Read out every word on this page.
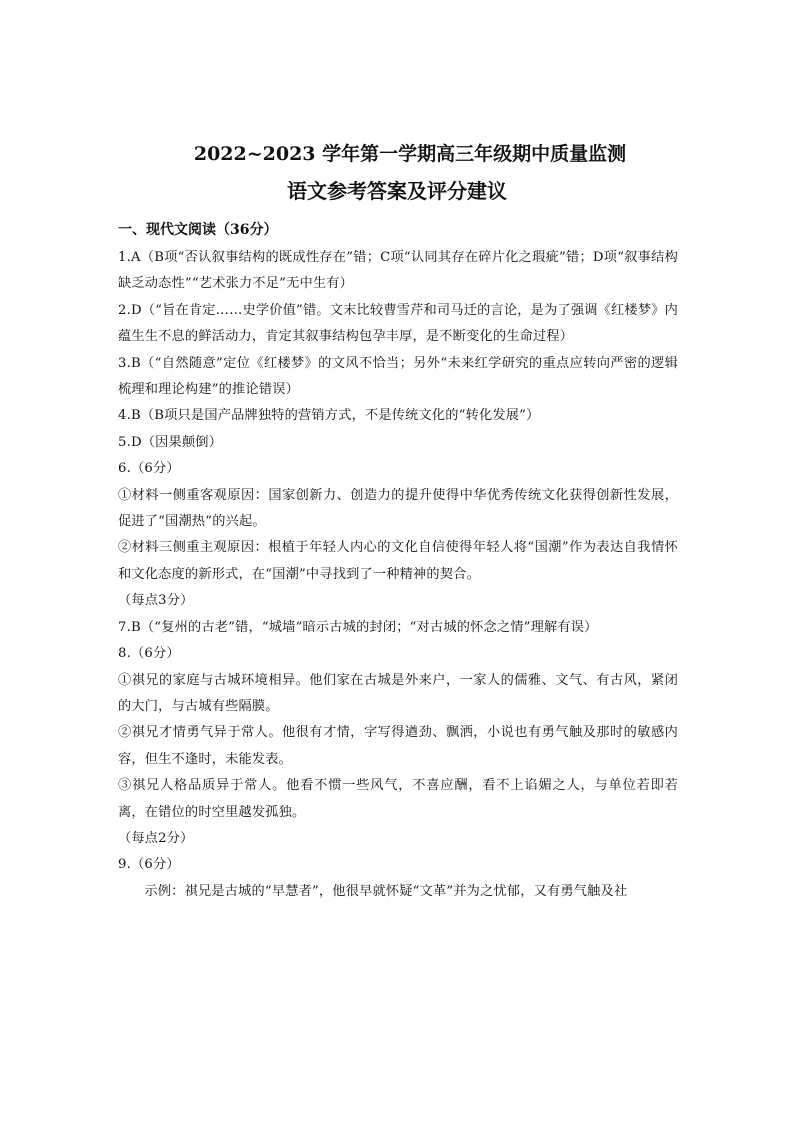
2022~2023 学年第一学期高三年级期中质量监测
语文参考答案及评分建议
一、现代文阅读（36分）

1.A（B项“否认叙事结构的既成性存在”错；C项“认同其存在碎片化之瑕疵”错；D项“叙事结构缺乏动态性”“艺术张力不足”无中生有）

2.D（“旨在肯定……史学价值”错。文末比较曹雪芹和司马迁的言论，是为了强调《红楼梦》内蕴生生不息的鲜活动力，肯定其叙事结构包孕丰厚，是不断变化的生命过程）

3.B（“自然随意”定位《红楼梦》的文风不恰当；另外“未来红学研究的重点应转向严密的逻辑梳理和理论构建”的推论错误）

4.B（B项只是国产品牌独特的营销方式，不是传统文化的“转化发展”）

5.D（因果颠倒）

6.（6分）

①材料一侧重客观原因：国家创新力、创造力的提升使得中华优秀传统文化获得创新性发展，促进了“国潮热”的兴起。

②材料三侧重主观原因：根植于年轻人内心的文化自信使得年轻人将“国潮”作为表达自我情怀和文化态度的新形式，在“国潮”中寻找到了一种精神的契合。

（每点3分）

7.B（“复州的古老”错，“城墙”暗示古城的封闭；“对古城的怀念之情”理解有误）

8.（6分）

①祺兄的家庭与古城环境相异。他们家在古城是外来户，一家人的儒雅、文气、有古风，紧闭的大门，与古城有些隔膜。

②祺兄才情勇气异于常人。他很有才情，字写得遒劲、飘洒，小说也有勇气触及那时的敏感内容，但生不逢时，未能发表。

③祺兄人格品质异于常人。他看不惯一些风气，不喜应酬，看不上谄媚之人，与单位若即若离，在错位的时空里越发孤独。

（每点2分）

9.（6分）

示例：祺兄是古城的“早慧者”，他很早就怀疑“文革”并为之忧郁，又有勇气触及社
